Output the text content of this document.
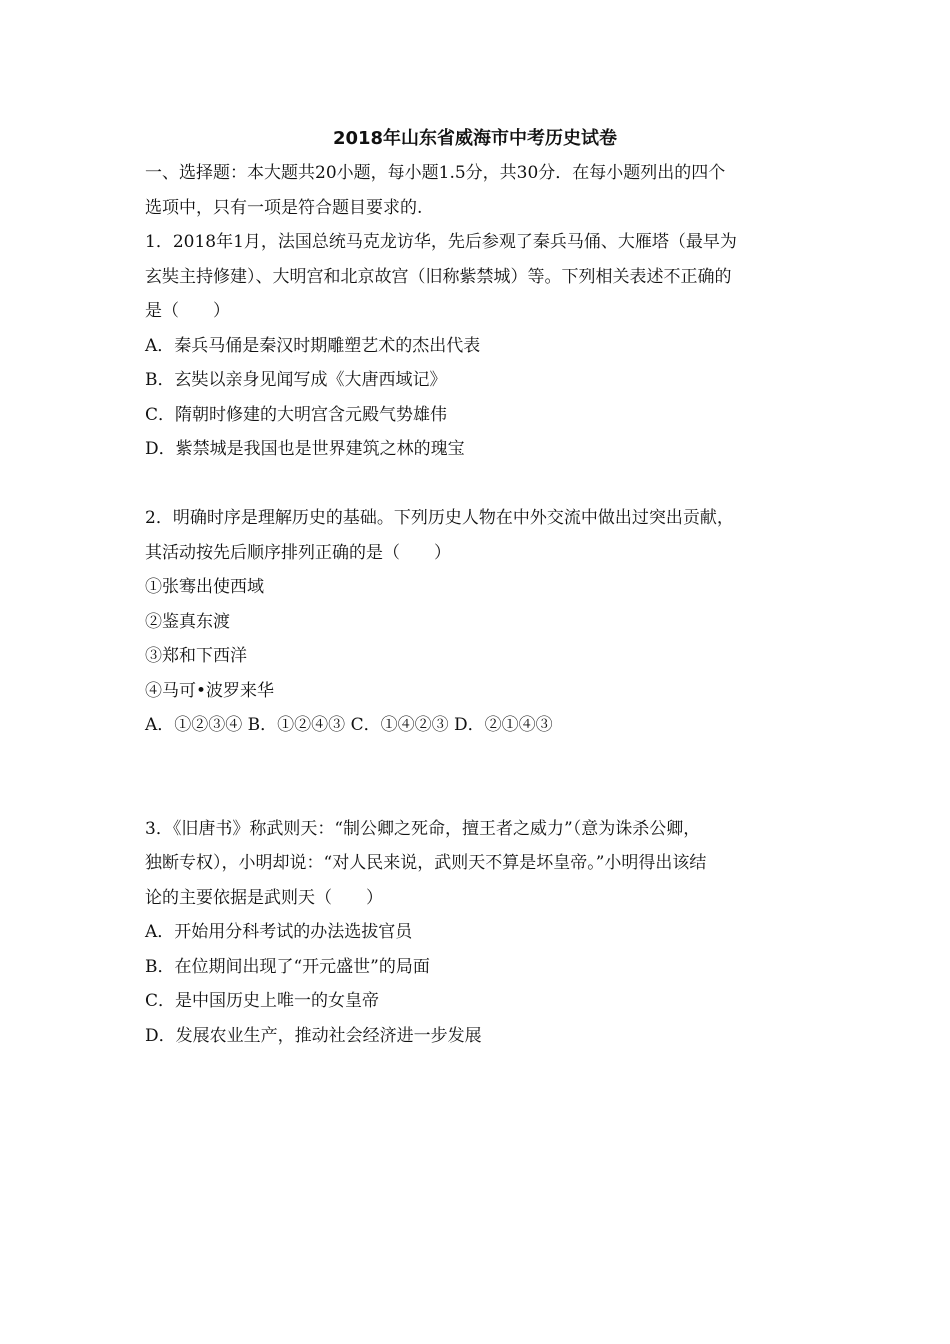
2018年山东省威海市中考历史试卷
一、选择题：本大题共20小题，每小题1.5分，共30分．在每小题列出的四个
选项中，只有一项是符合题目要求的.
1．2018年1月，法国总统马克龙访华，先后参观了秦兵马俑、大雁塔（最早为
玄奘主持修建）、大明宫和北京故宫（旧称紫禁城）等。下列相关表述不正确的
是（　　）
A．秦兵马俑是秦汉时期雕塑艺术的杰出代表
B．玄奘以亲身见闻写成《大唐西域记》
C．隋朝时修建的大明宫含元殿气势雄伟
D．紫禁城是我国也是世界建筑之林的瑰宝
2．明确时序是理解历史的基础。下列历史人物在中外交流中做出过突出贡献，
其活动按先后顺序排列正确的是（　　）
①张骞出使西域
②鉴真东渡
③郑和下西洋
④马可•波罗来华
A．①②③④ B．①②④③ C．①④②③ D．②①④③
3．《旧唐书》称武则天：“制公卿之死命，擅王者之威力”（意为诛杀公卿，
独断专权），小明却说：“对人民来说，武则天不算是坏皇帝。”小明得出该结
论的主要依据是武则天（　　）
A．开始用分科考试的办法选拔官员
B．在位期间出现了“开元盛世”的局面
C．是中国历史上唯一的女皇帝
D．发展农业生产，推动社会经济进一步发展
